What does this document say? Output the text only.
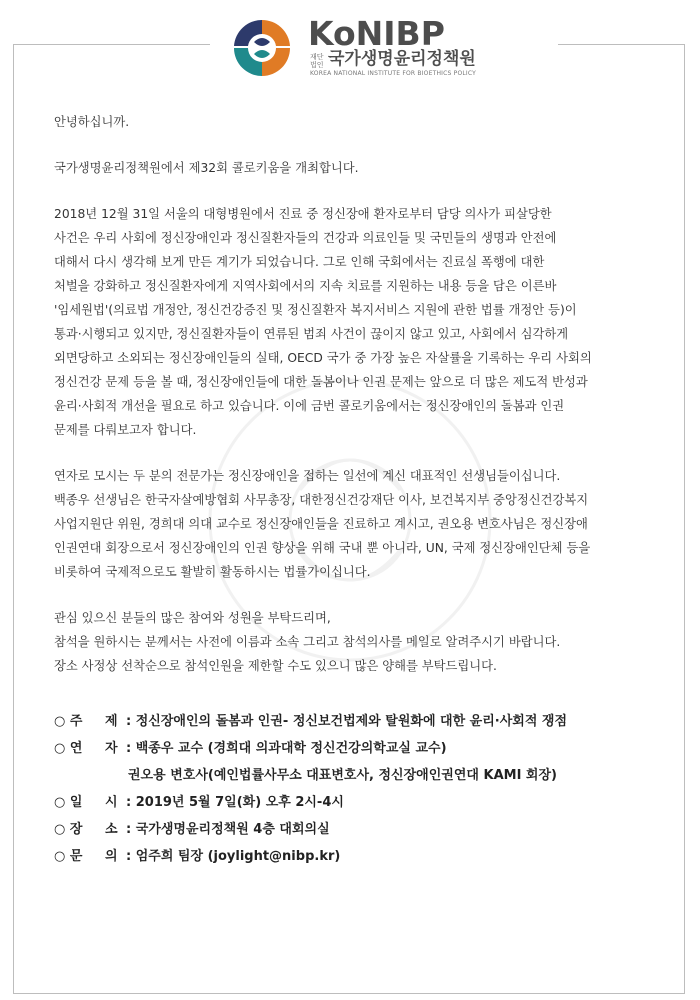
KoNIBP
재단 법인 국가생명윤리정책원
KOREA NATIONAL INSTITUTE FOR BIOETHICS POLICY

안녕하십니까.

국가생명윤리정책원에서 제32회 콜로키움을 개최합니다.

2018년 12월 31일 서울의 대형병원에서 진료 중 정신장애 환자로부터 담당 의사가 피살당한

사건은 우리 사회에 정신장애인과 정신질환자들의 건강과 의료인들 및 국민들의 생명과 안전에

대해서 다시 생각해 보게 만든 계기가 되었습니다. 그로 인해 국회에서는 진료실 폭행에 대한

처벌을 강화하고 정신질환자에게 지역사회에서의 지속 치료를 지원하는 내용 등을 담은 이른바

'임세원법'(의료법 개정안, 정신건강증진 및 정신질환자 복지서비스 지원에 관한 법률 개정안 등)이

통과·시행되고 있지만, 정신질환자들이 연류된 범죄 사건이 끊이지 않고 있고, 사회에서 심각하게

외면당하고 소외되는 정신장애인들의 실태, OECD 국가 중 가장 높은 자살률을 기록하는 우리 사회의

정신건강 문제 등을 볼 때, 정신장애인들에 대한 돌봄이나 인권 문제는 앞으로 더 많은 제도적 반성과

윤리·사회적 개선을 필요로 하고 있습니다. 이에 금번 콜로키움에서는 정신장애인의 돌봄과 인권

문제를 다뤄보고자 합니다.

연자로 모시는 두 분의 전문가는 정신장애인을 접하는 일선에 계신 대표적인 선생님들이십니다.

백종우 선생님은 한국자살예방협회 사무총장, 대한정신건강재단 이사, 보건복지부 중앙정신건강복지

사업지원단 위원, 경희대 의대 교수로 정신장애인들을 진료하고 계시고, 권오용 변호사님은 정신장애

인권연대 회장으로서 정신장애인의 인권 향상을 위해 국내 뿐 아니라, UN, 국제 정신장애인단체 등을

비롯하여 국제적으로도 활발히 활동하시는 법률가이십니다.

관심 있으신 분들의 많은 참여와 성원을 부탁드리며,

참석을 원하시는 분께서는 사전에 이름과 소속 그리고 참석의사를 메일로 알려주시기 바랍니다.

장소 사정상 선착순으로 참석인원을 제한할 수도 있으니 많은 양해를 부탁드립니다.

○ 주     제 : 정신장애인의 돌봄과 인권- 정신보건법제와 탈원화에 대한 윤리·사회적 쟁점
○ 연     자 : 백종우 교수 (경희대 의과대학 정신건강의학교실 교수)
권오용 변호사(예인법률사무소 대표변호사, 정신장애인권연대 KAMI 회장)
○ 일     시 : 2019년 5월 7일(화) 오후 2시-4시
○ 장     소 : 국가생명윤리정책원 4층 대회의실
○ 문     의 : 엄주희 팀장 (joylight@nibp.kr)
